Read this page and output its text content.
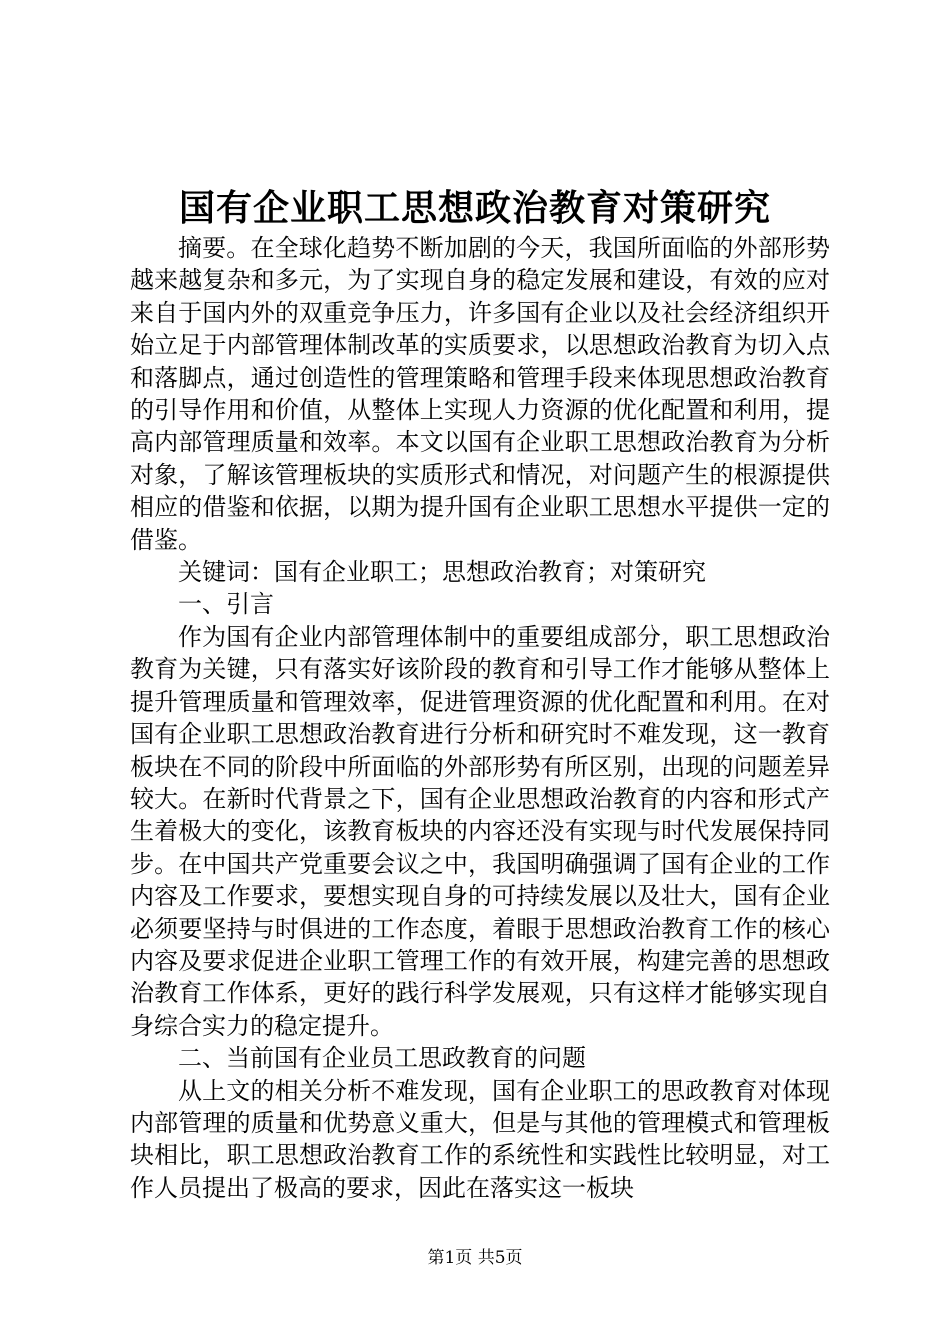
国有企业职工思想政治教育对策研究

摘要。在全球化趋势不断加剧的今天，我国所面临的外部形势越来越复杂和多元，为了实现自身的稳定发展和建设，有效的应对来自于国内外的双重竞争压力，许多国有企业以及社会经济组织开始立足于内部管理体制改革的实质要求，以思想政治教育为切入点和落脚点，通过创造性的管理策略和管理手段来体现思想政治教育的引导作用和价值，从整体上实现人力资源的优化配置和利用，提高内部管理质量和效率。本文以国有企业职工思想政治教育为分析对象，了解该管理板块的实质形式和情况，对问题产生的根源提供相应的借鉴和依据，以期为提升国有企业职工思想水平提供一定的借鉴。

关键词：国有企业职工；思想政治教育；对策研究

一、引言

作为国有企业内部管理体制中的重要组成部分，职工思想政治教育为关键，只有落实好该阶段的教育和引导工作才能够从整体上提升管理质量和管理效率，促进管理资源的优化配置和利用。在对国有企业职工思想政治教育进行分析和研究时不难发现，这一教育板块在不同的阶段中所面临的外部形势有所区别，出现的问题差异较大。在新时代背景之下，国有企业思想政治教育的内容和形式产生着极大的变化，该教育板块的内容还没有实现与时代发展保持同步。在中国共产党重要会议之中，我国明确强调了国有企业的工作内容及工作要求，要想实现自身的可持续发展以及壮大，国有企业必须要坚持与时俱进的工作态度，着眼于思想政治教育工作的核心内容及要求促进企业职工管理工作的有效开展，构建完善的思想政治教育工作体系，更好的践行科学发展观，只有这样才能够实现自身综合实力的稳定提升。

二、当前国有企业员工思政教育的问题

从上文的相关分析不难发现，国有企业职工的思政教育对体现内部管理的质量和优势意义重大，但是与其他的管理模式和管理板块相比，职工思想政治教育工作的系统性和实践性比较明显，对工作人员提出了极高的要求，因此在落实这一板块

第1页 共5页
